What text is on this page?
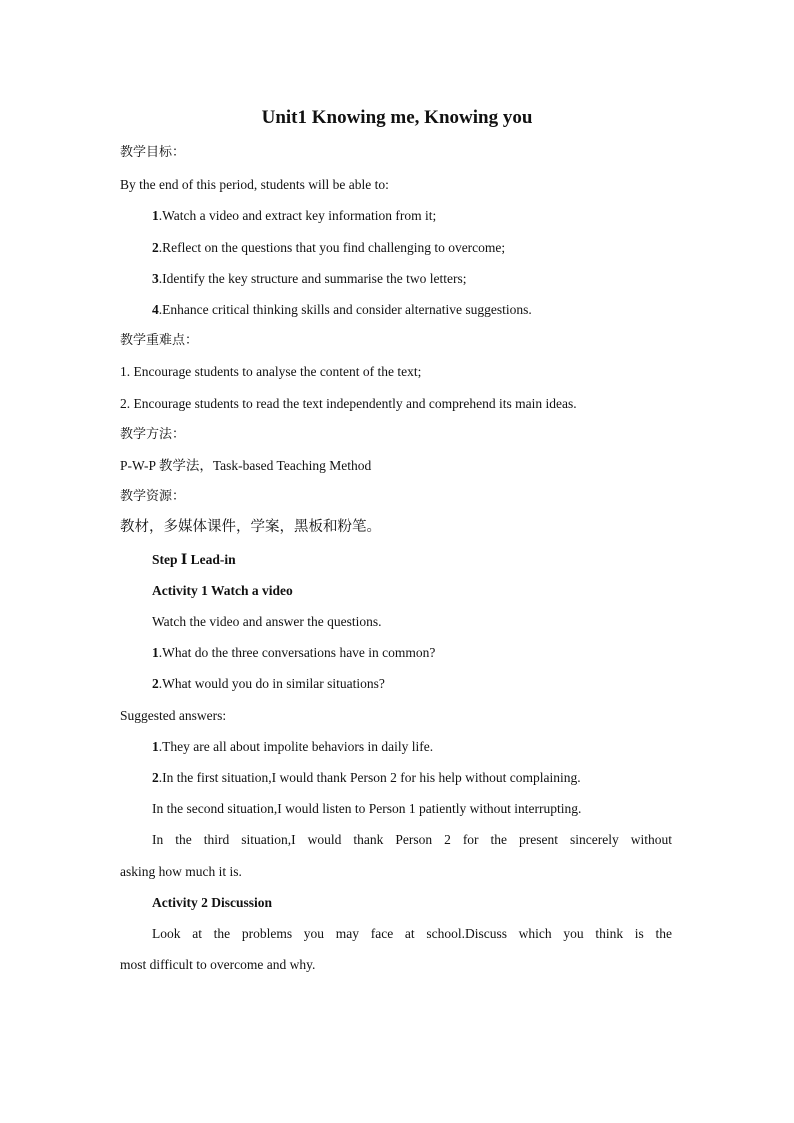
Unit1 Knowing me, Knowing you
教学目标：
By the end of this period, students will be able to:
1.Watch a video and extract key information from it;
2.Reflect on the questions that you find challenging to overcome;
3.Identify the key structure and summarise the two letters;
4.Enhance critical thinking skills and consider alternative suggestions.
教学重难点：
1. Encourage students to analyse the content of the text;
2. Encourage students to read the text independently and comprehend its main ideas.
教学方法：
P-W-P 教学法，Task-based Teaching Method
教学资源：
教材，多媒体课件，学案，黑板和粉笔。
Step Ⅰ Lead-in
Activity 1 Watch a video
Watch the video and answer the questions.
1.What do the three conversations have in common?
2.What would you do in similar situations?
Suggested answers:
1.They are all about impolite behaviors in daily life.
2.In the first situation,I would thank Person 2 for his help without complaining.
In the second situation,I would listen to Person 1 patiently without interrupting.
In the third situation,I would thank Person 2 for the present sincerely without
asking how much it is.
Activity 2 Discussion
Look at the problems you may face at school.Discuss which you think is the
most difficult to overcome and why.
